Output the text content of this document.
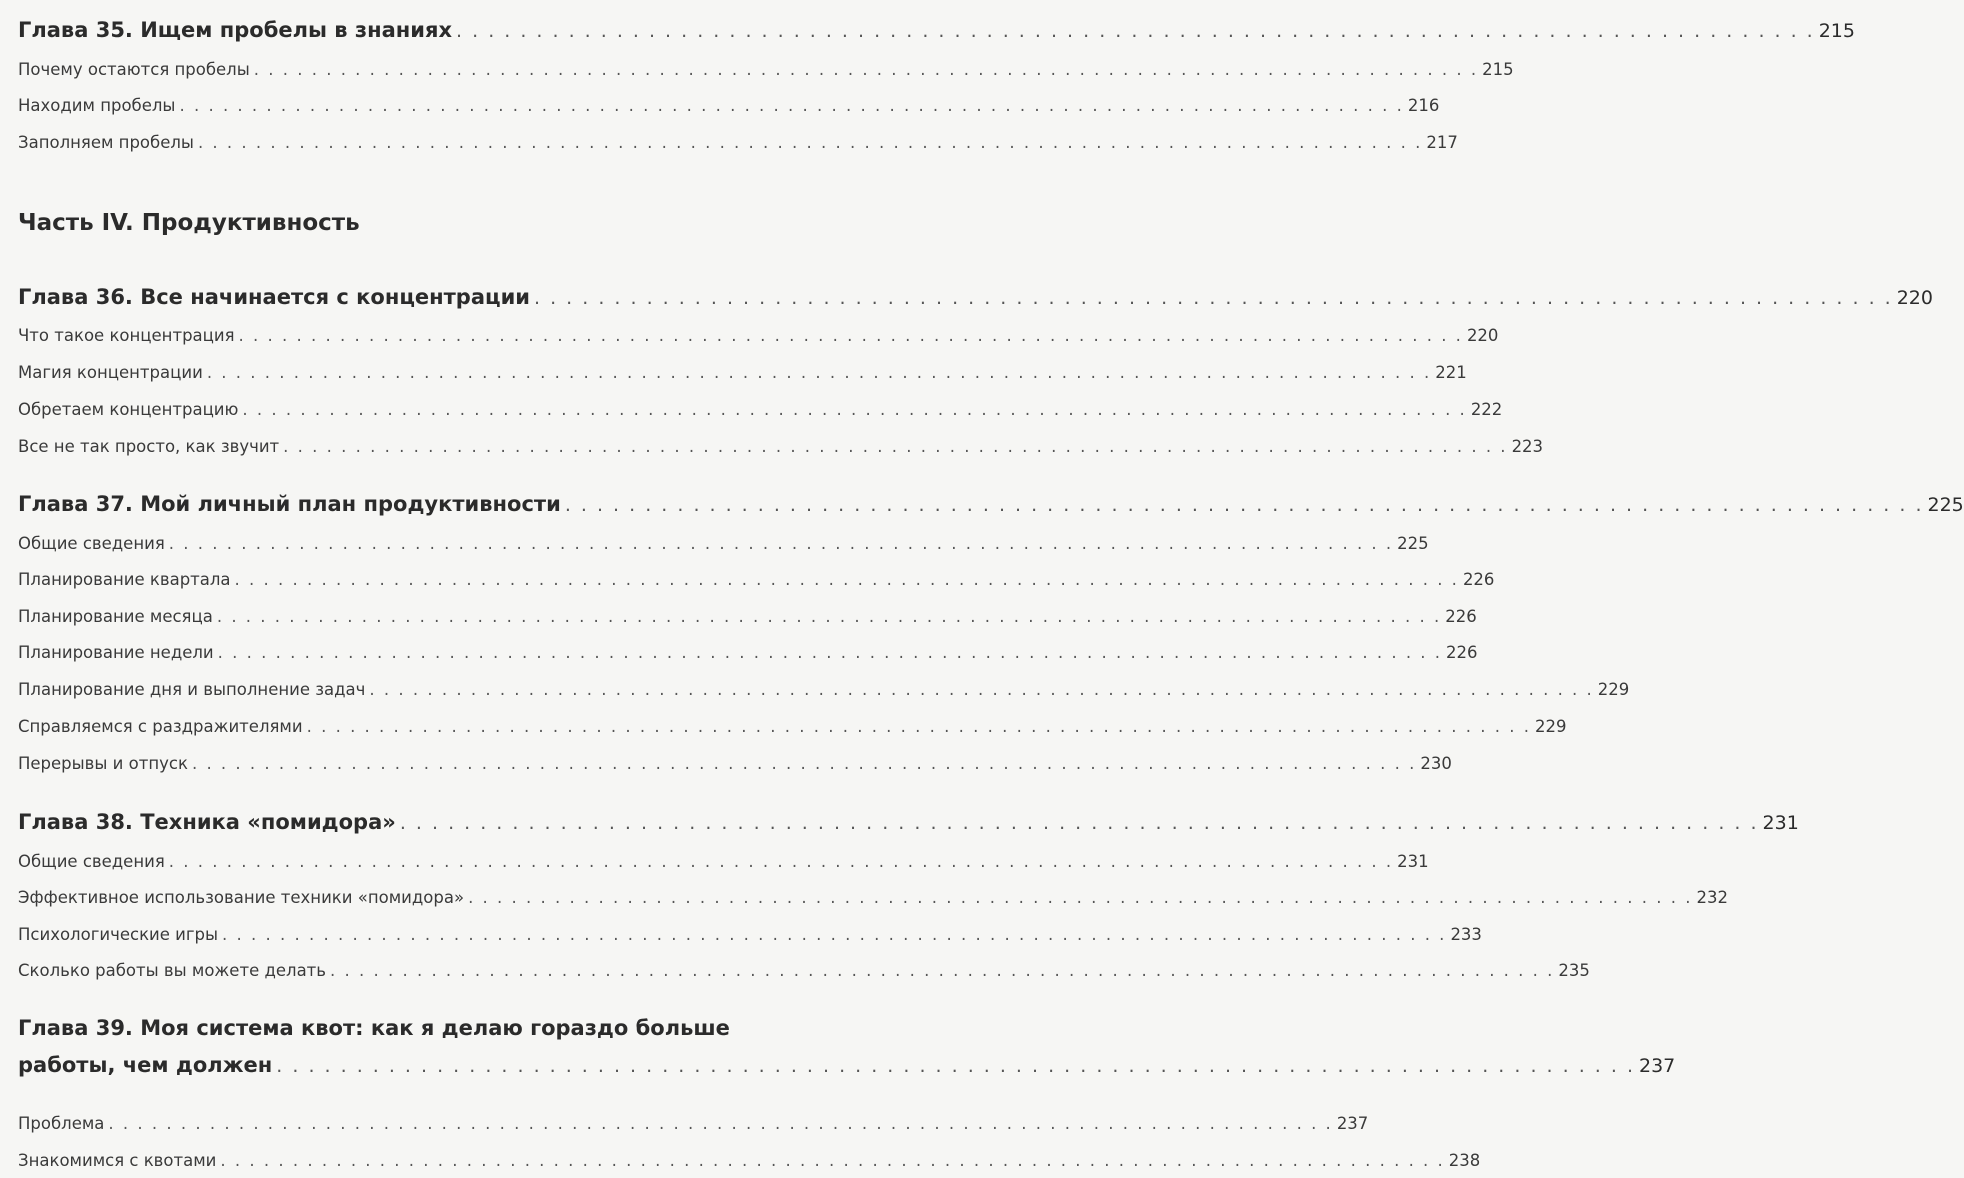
Глава 35. Ищем пробелы в знаниях . . . . . . . . . . . . . . . . . . . . . . . . . . . . . . . . . . . . . . . . . . . . . . . . . . . . . . . . . . . . . . . . . . . . . . . . . . . . . . . . . . . . . 215
Почему остаются пробелы . . . . . . . . . . . . . . . . . . . . . . . . . . . . . . . . . . . . . . . . . . . . . . . . . . . . . . . . . . . . . . . . . . . . . . . . . . . . . . . . . . . . . 215
Находим пробелы . . . . . . . . . . . . . . . . . . . . . . . . . . . . . . . . . . . . . . . . . . . . . . . . . . . . . . . . . . . . . . . . . . . . . . . . . . . . . . . . . . . . . 216
Заполняем пробелы . . . . . . . . . . . . . . . . . . . . . . . . . . . . . . . . . . . . . . . . . . . . . . . . . . . . . . . . . . . . . . . . . . . . . . . . . . . . . . . . . . . . . 217
Часть IV. Продуктивность
Глава 36. Все начинается с концентрации . . . . . . . . . . . . . . . . . . . . . . . . . . . . . . . . . . . . . . . . . . . . . . . . . . . . . . . . . . . . . . . . . . . . . . . . . . . . . . . . . . . . . 220
Что такое концентрация . . . . . . . . . . . . . . . . . . . . . . . . . . . . . . . . . . . . . . . . . . . . . . . . . . . . . . . . . . . . . . . . . . . . . . . . . . . . . . . . . . . . . 220
Магия концентрации . . . . . . . . . . . . . . . . . . . . . . . . . . . . . . . . . . . . . . . . . . . . . . . . . . . . . . . . . . . . . . . . . . . . . . . . . . . . . . . . . . . . . 221
Обретаем концентрацию . . . . . . . . . . . . . . . . . . . . . . . . . . . . . . . . . . . . . . . . . . . . . . . . . . . . . . . . . . . . . . . . . . . . . . . . . . . . . . . . . . . . . 222
Все не так просто, как звучит . . . . . . . . . . . . . . . . . . . . . . . . . . . . . . . . . . . . . . . . . . . . . . . . . . . . . . . . . . . . . . . . . . . . . . . . . . . . . . . . . . . . . 223
Глава 37. Мой личный план продуктивности . . . . . . . . . . . . . . . . . . . . . . . . . . . . . . . . . . . . . . . . . . . . . . . . . . . . . . . . . . . . . . . . . . . . . . . . . . . . . . . . . . . . . 225
Общие сведения . . . . . . . . . . . . . . . . . . . . . . . . . . . . . . . . . . . . . . . . . . . . . . . . . . . . . . . . . . . . . . . . . . . . . . . . . . . . . . . . . . . . . 225
Планирование квартала . . . . . . . . . . . . . . . . . . . . . . . . . . . . . . . . . . . . . . . . . . . . . . . . . . . . . . . . . . . . . . . . . . . . . . . . . . . . . . . . . . . . . 226
Планирование месяца . . . . . . . . . . . . . . . . . . . . . . . . . . . . . . . . . . . . . . . . . . . . . . . . . . . . . . . . . . . . . . . . . . . . . . . . . . . . . . . . . . . . . 226
Планирование недели . . . . . . . . . . . . . . . . . . . . . . . . . . . . . . . . . . . . . . . . . . . . . . . . . . . . . . . . . . . . . . . . . . . . . . . . . . . . . . . . . . . . . 226
Планирование дня и выполнение задач . . . . . . . . . . . . . . . . . . . . . . . . . . . . . . . . . . . . . . . . . . . . . . . . . . . . . . . . . . . . . . . . . . . . . . . . . . . . . . . . . . . . . 229
Справляемся с раздражителями . . . . . . . . . . . . . . . . . . . . . . . . . . . . . . . . . . . . . . . . . . . . . . . . . . . . . . . . . . . . . . . . . . . . . . . . . . . . . . . . . . . . . 229
Перерывы и отпуск . . . . . . . . . . . . . . . . . . . . . . . . . . . . . . . . . . . . . . . . . . . . . . . . . . . . . . . . . . . . . . . . . . . . . . . . . . . . . . . . . . . . . 230
Глава 38. Техника «помидора» . . . . . . . . . . . . . . . . . . . . . . . . . . . . . . . . . . . . . . . . . . . . . . . . . . . . . . . . . . . . . . . . . . . . . . . . . . . . . . . . . . . . . 231
Общие сведения . . . . . . . . . . . . . . . . . . . . . . . . . . . . . . . . . . . . . . . . . . . . . . . . . . . . . . . . . . . . . . . . . . . . . . . . . . . . . . . . . . . . . 231
Эффективное использование техники «помидора» . . . . . . . . . . . . . . . . . . . . . . . . . . . . . . . . . . . . . . . . . . . . . . . . . . . . . . . . . . . . . . . . . . . . . . . . . . . . . . . . . . . . . 232
Психологические игры . . . . . . . . . . . . . . . . . . . . . . . . . . . . . . . . . . . . . . . . . . . . . . . . . . . . . . . . . . . . . . . . . . . . . . . . . . . . . . . . . . . . . 233
Сколько работы вы можете делать . . . . . . . . . . . . . . . . . . . . . . . . . . . . . . . . . . . . . . . . . . . . . . . . . . . . . . . . . . . . . . . . . . . . . . . . . . . . . . . . . . . . . 235
Глава 39. Моя система квот: как я делаю гораздо больше
работы, чем должен . . . . . . . . . . . . . . . . . . . . . . . . . . . . . . . . . . . . . . . . . . . . . . . . . . . . . . . . . . . . . . . . . . . . . . . . . . . . . . . . . . . . . 237
Проблема . . . . . . . . . . . . . . . . . . . . . . . . . . . . . . . . . . . . . . . . . . . . . . . . . . . . . . . . . . . . . . . . . . . . . . . . . . . . . . . . . . . . . 237
Знакомимся с квотами . . . . . . . . . . . . . . . . . . . . . . . . . . . . . . . . . . . . . . . . . . . . . . . . . . . . . . . . . . . . . . . . . . . . . . . . . . . . . . . . . . . . . 238
